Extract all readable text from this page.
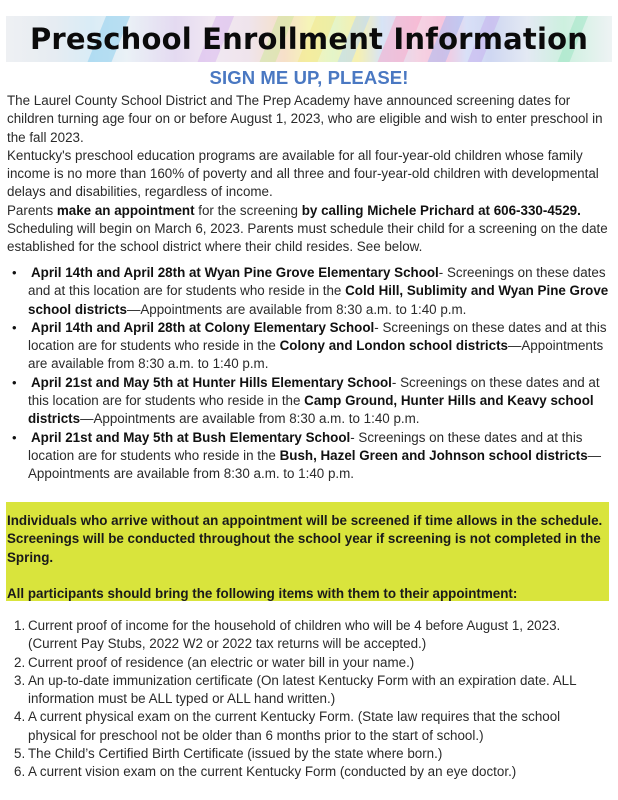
Preschool Enrollment Information
SIGN ME UP, PLEASE!

The Laurel County School District and The Prep Academy have announced screening dates for children turning age four on or before August 1, 2023, who are eligible and wish to enter preschool in the fall 2023.

Kentucky's preschool education programs are available for all four-year-old children whose family income is no more than 160% of poverty and all three and four-year-old children with developmental delays and disabilities, regardless of income.

Parents make an appointment for the screening by calling Michele Prichard at 606-330-4529.

Scheduling will begin on March 6, 2023. Parents must schedule their child for a screening on the date established for the school district where their child resides. See below.

• April 14th and April 28th at Wyan Pine Grove Elementary School- Screenings on these dates and at this location are for students who reside in the Cold Hill, Sublimity and Wyan Pine Grove school districts—Appointments are available from 8:30 a.m. to 1:40 p.m.
• April 14th and April 28th at Colony Elementary School- Screenings on these dates and at this location are for students who reside in the Colony and London school districts—Appointments are available from 8:30 a.m. to 1:40 p.m.
• April 21st and May 5th at Hunter Hills Elementary School- Screenings on these dates and at this location are for students who reside in the Camp Ground, Hunter Hills and Keavy school districts—Appointments are available from 8:30 a.m. to 1:40 p.m.
• April 21st and May 5th at Bush Elementary School- Screenings on these dates and at this location are for students who reside in the Bush, Hazel Green and Johnson school districts—Appointments are available from 8:30 a.m. to 1:40 p.m.

Individuals who arrive without an appointment will be screened if time allows in the schedule. Screenings will be conducted throughout the school year if screening is not completed in the Spring.

All participants should bring the following items with them to their appointment:

1. Current proof of income for the household of children who will be 4 before August 1, 2023. (Current Pay Stubs, 2022 W2 or 2022 tax returns will be accepted.)
2. Current proof of residence (an electric or water bill in your name.)
3. An up-to-date immunization certificate (On latest Kentucky Form with an expiration date. ALL information must be ALL typed or ALL hand written.)
4. A current physical exam on the current Kentucky Form. (State law requires that the school physical for preschool not be older than 6 months prior to the start of school.)
5. The Child’s Certified Birth Certificate (issued by the state where born.)
6. A current vision exam on the current Kentucky Form (conducted by an eye doctor.)
